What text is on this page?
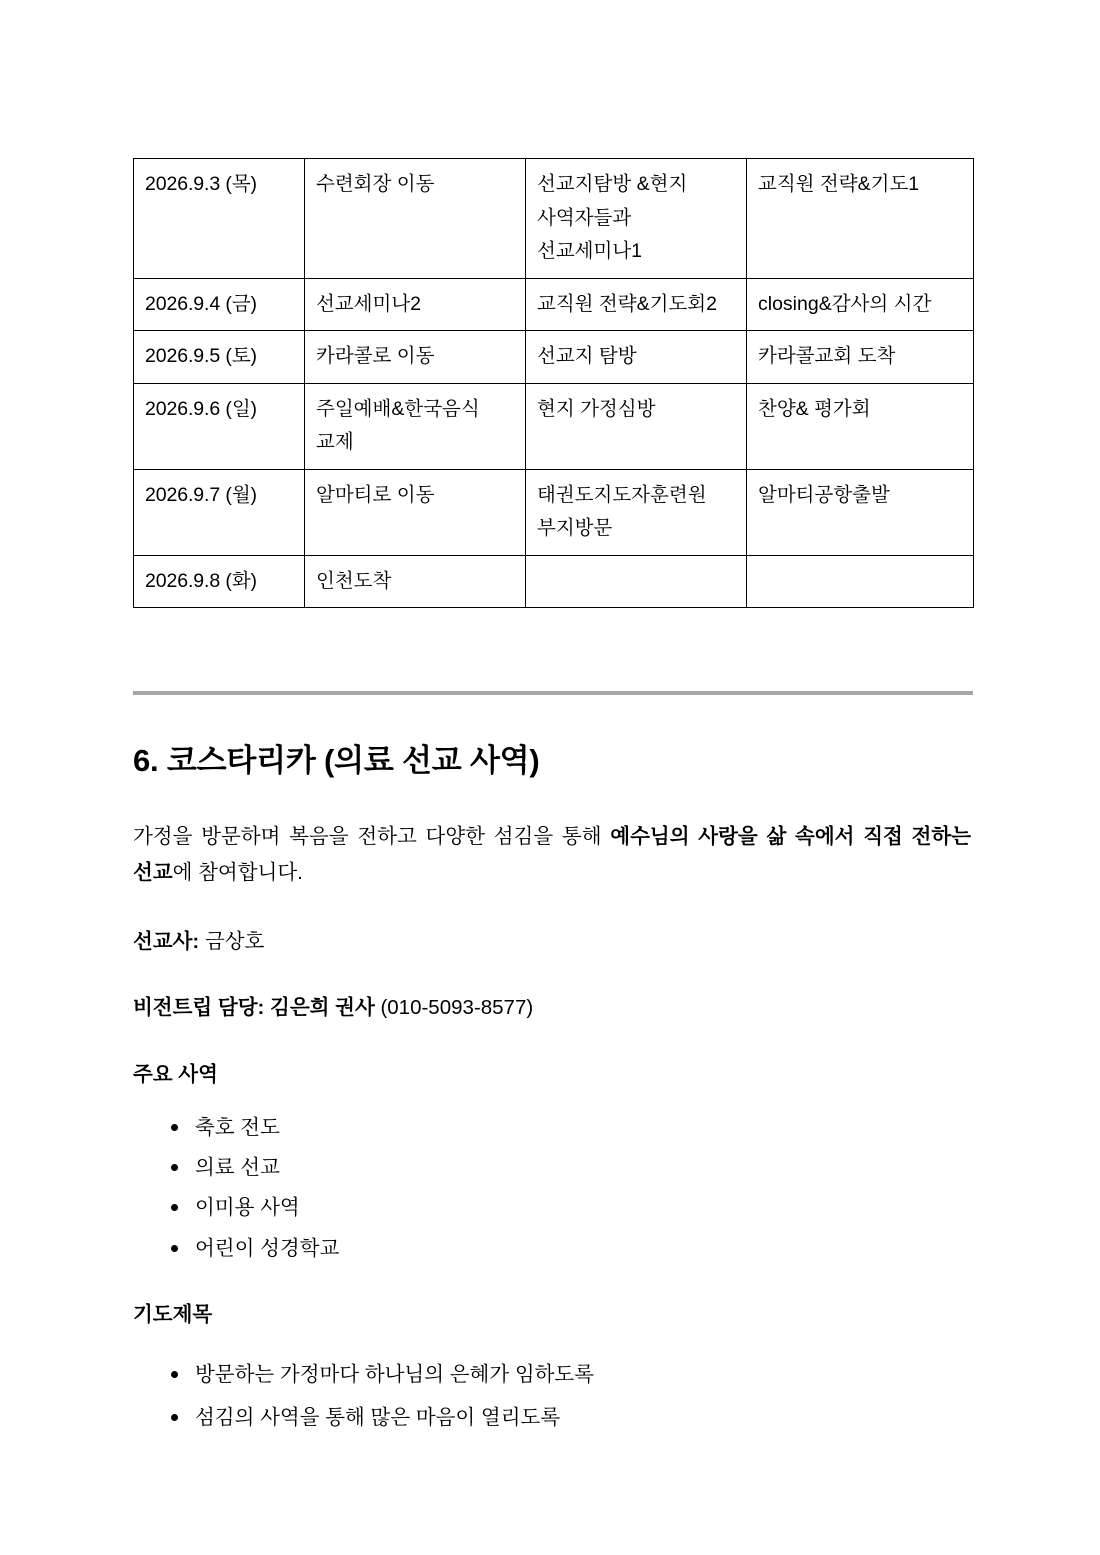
2026.9.3 (목)	수련회장 이동	선교지탐방 &현지 사역자들과 선교세미나1	교직원 전략&기도1
2026.9.4 (금)	선교세미나2	교직원 전략&기도회2	closing&감사의 시간
2026.9.5 (토)	카라콜로 이동	선교지 탐방	카라콜교회 도착
2026.9.6 (일)	주일예배&한국음식 교제	현지 가정심방	찬양& 평가회
2026.9.7 (월)	알마티로 이동	태권도지도자훈련원 부지방문	알마티공항출발
2026.9.8 (화)	인천도착		
6. 코스타리카 (의료 선교 사역)

가정을 방문하며 복음을 전하고 다양한 섬김을 통해 예수님의 사랑을 삶 속에서 직접 전하는 선교에 참여합니다.

선교사: 금상호

비전트립 담당: 김은희 권사 (010-5093-8577)

주요 사역
축호 전도
의료 선교
이미용 사역
어린이 성경학교
기도제목
방문하는 가정마다 하나님의 은혜가 임하도록
섬김의 사역을 통해 많은 마음이 열리도록
